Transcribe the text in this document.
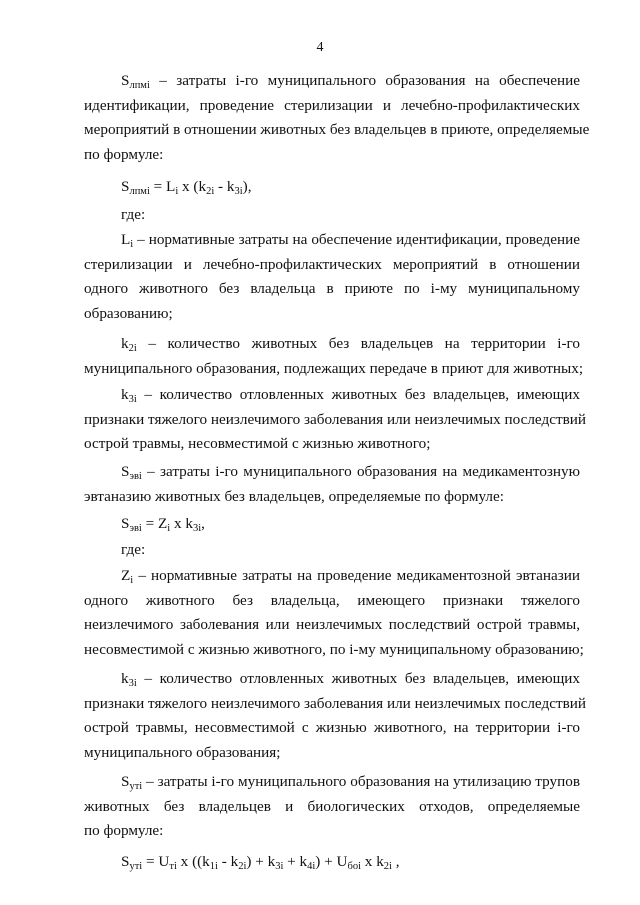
4
$S_{лпмi}$ – затраты i-го муниципального образования на обеспечение
идентификации, проведение стерилизации и лечебно-профилактических
мероприятий в отношении животных без владельцев в приюте, определяемые
по формуле:
$S_{лпмi} = L_i$ x $(k_{2i} - k_{3i})$,
где:
$L_i$ – нормативные затраты на обеспечение идентификации, проведение
стерилизации и лечебно-профилактических мероприятий в отношении
одного животного без владельца в приюте по i-му муниципальному
образованию;
$k_{2i}$ – количество животных без владельцев на территории i-го
муниципального образования, подлежащих передаче в приют для животных;
$k_{3i}$ – количество отловленных животных без владельцев, имеющих
признаки тяжелого неизлечимого заболевания или неизлечимых последствий
острой травмы, несовместимой с жизнью животного;
$S_{эвi}$ – затраты i-го муниципального образования на медикаментозную
эвтаназию животных без владельцев, определяемые по формуле:
$S_{эвi} = Z_i$ x $k_{3i}$,
где:
$Z_i$ – нормативные затраты на проведение медикаментозной эвтаназии
одного животного без владельца, имеющего признаки тяжелого
неизлечимого заболевания или неизлечимых последствий острой травмы,
несовместимой с жизнью животного, по i-му муниципальному образованию;
$k_{3i}$ – количество отловленных животных без владельцев, имеющих
признаки тяжелого неизлечимого заболевания или неизлечимых последствий
острой травмы, несовместимой с жизнью животного, на территории i-го
муниципального образования;
$S_{утi}$ – затраты i-го муниципального образования на утилизацию трупов
животных без владельцев и биологических отходов, определяемые
по формуле:
$S_{утi} = U_{тi}$ x $((k_{1i} - k_{2i}) + k_{3i} + k_{4i}) + U_{боi}$ x $k_{2i}$ ,
